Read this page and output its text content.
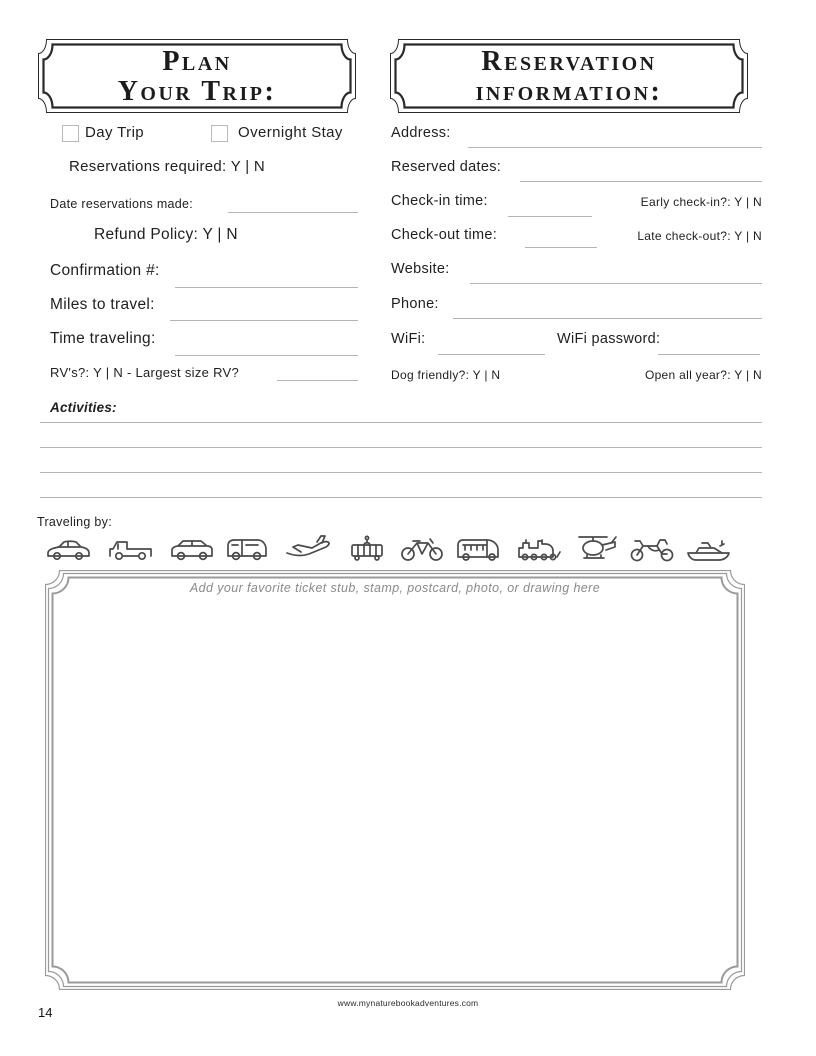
Plan
Your Trip:
Reservation
information:
Day Trip	Overnight Stay
Reservations required: Y | N
Date reservations made:
Refund Policy: Y | N
Confirmation #:
Miles to travel:
Time traveling:
RV's?: Y | N - Largest size RV?
Address:
Reserved dates:
Check-in time:	Early check-in?: Y | N
Check-out time:	Late check-out?: Y | N
Website:
Phone:
WiFi:	WiFi password:
Dog friendly?: Y | N	Open all year?: Y | N
Activities:
Traveling by:
Add your favorite ticket stub, stamp, postcard, photo, or drawing here
www.mynaturebookadventures.com
14
